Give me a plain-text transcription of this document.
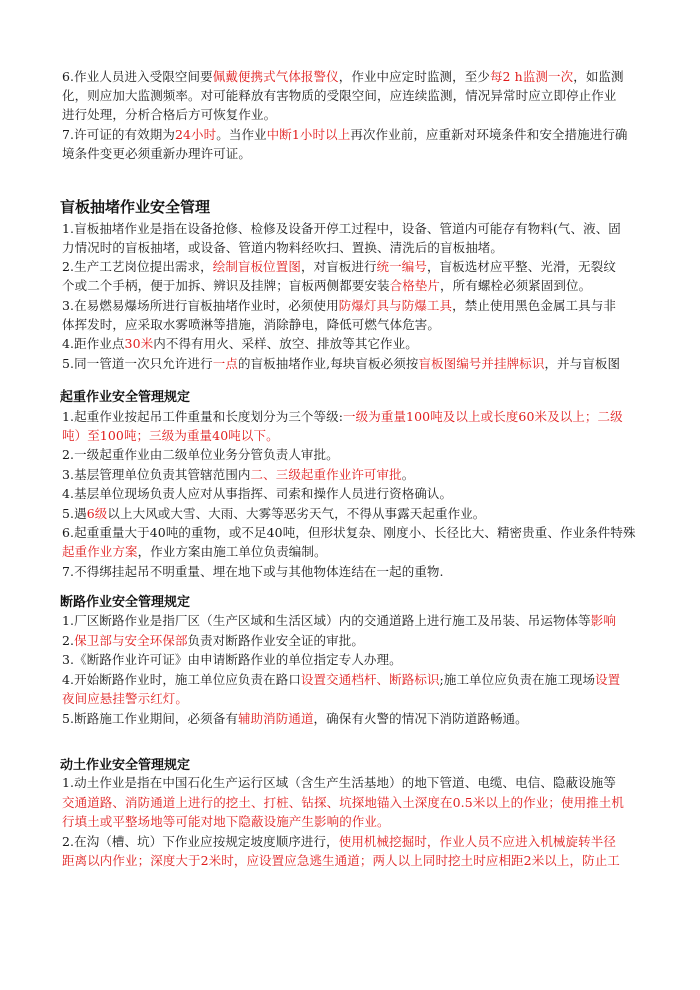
6.作业人员进入受限空间要佩戴便携式气体报警仪，作业中应定时监测，至少每2 h监测一次，如监测
化，则应加大监测频率。对可能释放有害物质的受限空间，应连续监测，情况异常时应立即停止作业
进行处理，分析合格后方可恢复作业。
7.许可证的有效期为24小时。当作业中断1小时以上再次作业前，应重新对环境条件和安全措施进行确
境条件变更必须重新办理许可证。
盲板抽堵作业安全管理
1.盲板抽堵作业是指在设备抢修、检修及设备开停工过程中，设备、管道内可能存有物料(气、液、固
力情况时的盲板抽堵，或设备、管道内物料经吹扫、置换、清洗后的盲板抽堵。
2.生产工艺岗位提出需求，绘制盲板位置图，对盲板进行统一编号，盲板选材应平整、光滑，无裂纹
个或二个手柄，便于加拆、辨识及挂牌；盲板两侧都要安装合格垫片，所有螺栓必须紧固到位。
3.在易燃易爆场所进行盲板抽堵作业时，必须使用防爆灯具与防爆工具，禁止使用黑色金属工具与非
体挥发时，应采取水雾喷淋等措施，消除静电，降低可燃气体危害。
4.距作业点30米内不得有用火、采样、放空、排放等其它作业。
5.同一管道一次只允许进行一点的盲板抽堵作业,每块盲板必须按盲板图编号并挂牌标识，并与盲板图
起重作业安全管理规定
1.起重作业按起吊工件重量和长度划分为三个等级:一级为重量100吨及以上或长度60米及以上；二级
吨）至100吨；三级为重量40吨以下。
2.一级起重作业由二级单位业务分管负责人审批。
3.基层管理单位负责其管辖范围内二、三级起重作业许可审批。
4.基层单位现场负责人应对从事指挥、司索和操作人员进行资格确认。
5.遇6级以上大风或大雪、大雨、大雾等恶劣天气，不得从事露天起重作业。
6.起重重量大于40吨的重物，或不足40吨，但形状复杂、刚度小、长径比大、精密贵重、作业条件特殊
起重作业方案，作业方案由施工单位负责编制。
7.不得绑挂起吊不明重量、埋在地下或与其他物体连结在一起的重物.
断路作业安全管理规定
1.厂区断路作业是指厂区（生产区域和生活区域）内的交通道路上进行施工及吊装、吊运物体等影响
2.保卫部与安全环保部负责对断路作业安全证的审批。
3.《断路作业许可证》由申请断路作业的单位指定专人办理。
4.开始断路作业时，施工单位应负责在路口设置交通档杆、断路标识;施工单位应负责在施工现场设置
夜间应悬挂警示红灯。
5.断路施工作业期间，必须备有辅助消防通道，确保有火警的情况下消防道路畅通。
动土作业安全管理规定
1.动土作业是指在中国石化生产运行区域（含生产生活基地）的地下管道、电缆、电信、隐蔽设施等
交通道路、消防通道上进行的挖土、打桩、钻探、坑探地锚入土深度在0.5米以上的作业；使用推土机
行填土或平整场地等可能对地下隐蔽设施产生影响的作业。
2.在沟（槽、坑）下作业应按规定坡度顺序进行，使用机械挖掘时，作业人员不应进入机械旋转半径
距离以内作业；深度大于2米时，应设置应急逃生通道；两人以上同时挖土时应相距2米以上，防止工
